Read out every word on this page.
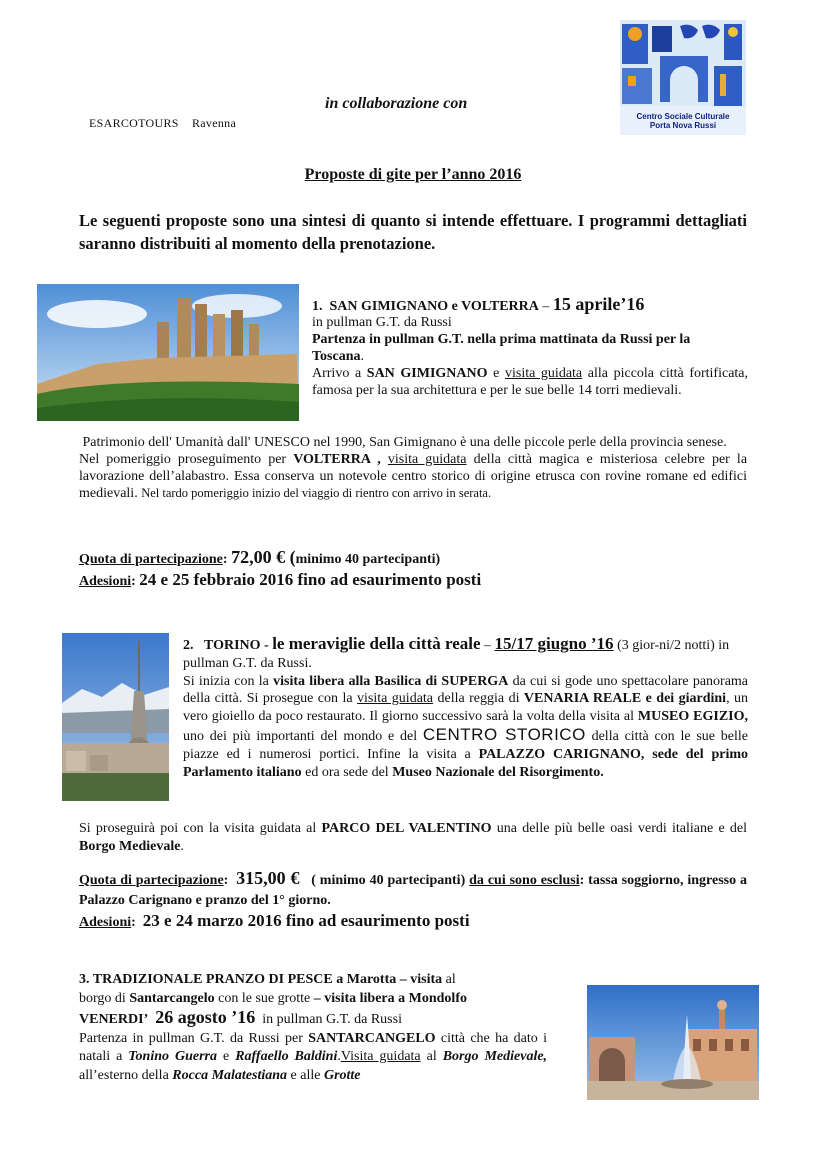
in collaborazione con
ESARCOTOURS Ravenna	Centro Sociale Culturale
Porta Nova Russi
Proposte di gite per l’anno 2016
Le seguenti proposte sono una sintesi di quanto si intende effettuare. I programmi dettagliati saranno distribuiti al momento della prenotazione.
1. SAN GIMIGNANO e VOLTERRA – 15 aprile’16
in pullman G.T. da Russi
Partenza in pullman G.T. nella prima mattinata da Russi per la Toscana.
Arrivo a SAN GIMIGNANO e visita guidata alla piccola città fortificata, famosa per la sua architettura e per le sue belle 14 torri medievali.
Patrimonio dell' Umanità dall' UNESCO nel 1990, San Gimignano è una delle piccole perle della provincia senese.
Nel pomeriggio proseguimento per VOLTERRA , visita guidata della città magica e misteriosa celebre per la lavorazione dell’alabastro. Essa conserva un notevole centro storico di origine etrusca con rovine romane ed edifici medievali. Nel tardo pomeriggio inizio del viaggio di rientro con arrivo in serata.
Quota di partecipazione: 72,00 € (minimo 40 partecipanti)
Adesioni: 24 e 25 febbraio 2016 fino ad esaurimento posti
2. TORINO - le meraviglie della città reale – 15/17 giugno ’16 (3 gior-ni/2 notti) in pullman G.T. da Russi.
Si inizia con la visita libera alla Basilica di SUPERGA da cui si gode uno spettacolare panorama della città. Si prosegue con la visita guidata della reggia di VENARIA REALE e dei giardini, un vero gioiello da poco restaurato. Il giorno successivo sarà la volta della visita al MUSEO EGIZIO, uno dei più importanti del mondo e del CENTRO STORICO della città con le sue belle piazze ed i numerosi portici. Infine la visita a PALAZZO CARIGNANO, sede del primo Parlamento italiano ed ora sede del Museo Nazionale del Risorgimento.
Si proseguirà poi con la visita guidata al PARCO DEL VALENTINO una delle più belle oasi verdi italiane e del Borgo Medievale.
Quota di partecipazione: 315,00 € ( minimo 40 partecipanti) da cui sono esclusi: tassa soggiorno, ingresso a Palazzo Carignano e pranzo del 1° giorno.
Adesioni: 23 e 24 marzo 2016 fino ad esaurimento posti
3. TRADIZIONALE PRANZO DI PESCE a Marotta – visita al
borgo di Santarcangelo con le sue grotte – visita libera a Mondolfo
VENERDI’ 26 agosto ’16 in pullman G.T. da Russi
Partenza in pullman G.T. da Russi per SANTARCANGELO città che ha dato i natali a Tonino Guerra e Raffaello Baldini.Visita guidata al Borgo Medievale, all’esterno della Rocca Malatestiana e alle Grotte
